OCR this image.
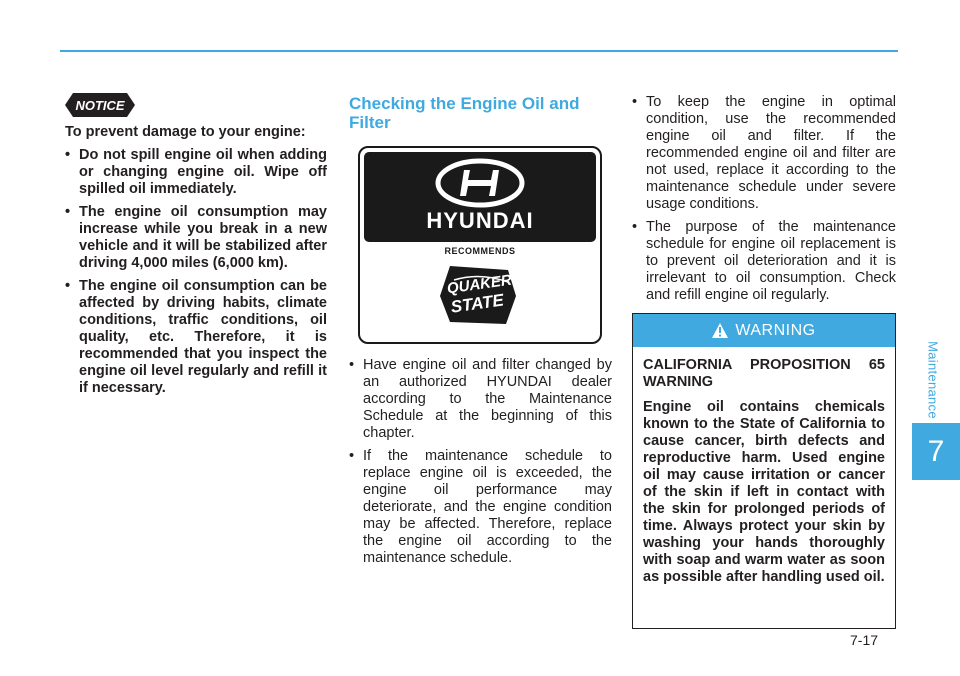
NOTICE

To prevent damage to your engine:

• Do not spill engine oil when adding or changing engine oil. Wipe off spilled oil immediately.
• The engine oil consumption may increase while you break in a new vehicle and it will be stabilized after driving 4,000 miles (6,000 km).
• The engine oil consumption can be affected by driving habits, climate conditions, traffic conditions, oil quality, etc. Therefore, it is recommended that you inspect the engine oil level regularly and refill it if necessary.
Checking the Engine Oil and Filter
HYUNDAI
RECOMMENDS
QUAKER
STATE
• Have engine oil and filter changed by an authorized HYUNDAI dealer according to the Maintenance Schedule at the beginning of this chapter.
• If the maintenance schedule to replace engine oil is exceeded, the engine oil performance may deteriorate, and the engine condition may be affected. Therefore, replace the engine oil according to the maintenance schedule.
• To keep the engine in optimal condition, use the recommended engine oil and filter. If the recommended engine oil and filter are not used, replace it according to the maintenance schedule under severe usage conditions.
• The purpose of the maintenance schedule for engine oil replacement is to prevent oil deterioration and it is irrelevant to oil consumption. Check and refill engine oil regularly.
WARNING

CALIFORNIA PROPOSITION 65 WARNING

Engine oil contains chemicals known to the State of California to cause cancer, birth defects and reproductive harm. Used engine oil may cause irritation or cancer of the skin if left in contact with the skin for prolonged periods of time. Always protect your skin by washing your hands thoroughly with soap and warm water as soon as possible after handling used oil.

Maintenance
7
7-17
